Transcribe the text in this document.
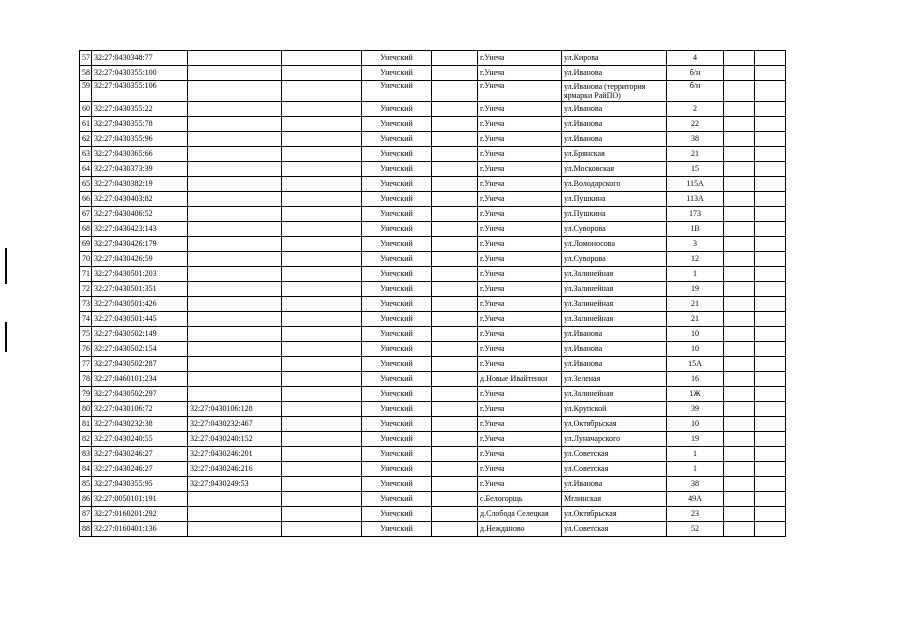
57	32:27:0430348:77			Унечский		г.Унеча	ул.Кирова	4		
58	32:27:0430355:100			Унечский		г.Унеча	ул.Иванова	б/н		
59	32:27:0430355:106			Унечский		г.Унеча	ул.Иванова (территория ярмарки РайПО)	б/н		
60	32:27:0430355:22			Унечский		г.Унеча	ул.Иванова	2		
61	32:27:0430355:78			Унечский		г.Унеча	ул.Иванова	22		
62	32:27:0430355:96			Унечский		г.Унеча	ул.Иванова	38		
63	32:27:0430365:66			Унечский		г.Унеча	ул.Брянская	21		
64	32:27:0430373:39			Унечский		г.Унеча	ул.Московская	15		
65	32:27:0430382:19			Унечский		г.Унеча	ул.Володарского	115А		
66	32:27:0430403:82			Унечский		г.Унеча	ул.Пушкина	113А		
67	32:27:0430406:52			Унечский		г.Унеча	ул.Пушкина	173		
68	32:27:0430423:143			Унечский		г.Унеча	ул.Суворова	1В		
69	32:27:0430426:179			Унечский		г.Унеча	ул.Ломоносова	3		
70	32:27:0430426:59			Унечский		г.Унеча	ул.Суворова	12		
71	32:27:0430501:203			Унечский		г.Унеча	ул.Залинейная	1		
72	32:27:0430501:351			Унечский		г.Унеча	ул.Залинейная	19		
73	32:27:0430501:426			Унечский		г.Унеча	ул.Залинейная	21		
74	32:27:0430501:445			Унечский		г.Унеча	ул.Залинейная	21		
75	32:27:0430502:149			Унечский		г.Унеча	ул.Иванова	10		
76	32:27:0430502:154			Унечский		г.Унеча	ул.Иванова	10		
77	32:27:0430502:287			Унечский		г.Унеча	ул.Иванова	15А		
78	32:27:0460101:234			Унечский		д.Новые Ивайтенки	ул.Зеленая	16		
79	32:27:0430502:297			Унечский		г.Унеча	ул.Залинейная	1Ж		
80	32:27:0430106:72	32:27:0430106:128		Унечский		г.Унеча	ул.Крупской	39		
81	32:27:0430232:38	32:27:0430232:467		Унечский		г.Унеча	ул.Октябрьская	10		
82	32:27:0430240:55	32:27:0430240:152		Унечский		г.Унеча	ул.Луначарского	19		
83	32:27:0430246:27	32:27:0430246:201		Унечский		г.Унеча	ул.Советская	1		
84	32:27:0430246:27	32:27:0430246:216		Унечский		г.Унеча	ул.Советская	1		
85	32:27:0430355:95	32:27:0430249:53		Унечский		г.Унеча	ул.Иванова	38		
86	32:27:0050101:191			Унечский		с.Белогорщь	Мглинская	49А		
87	32:27:0160201:292			Унечский		д.Слобода Селецкая	ул.Октябрьская	23		
88	32:27:0160401:136			Унечский		д.Нежданово	ул.Советская	52		
